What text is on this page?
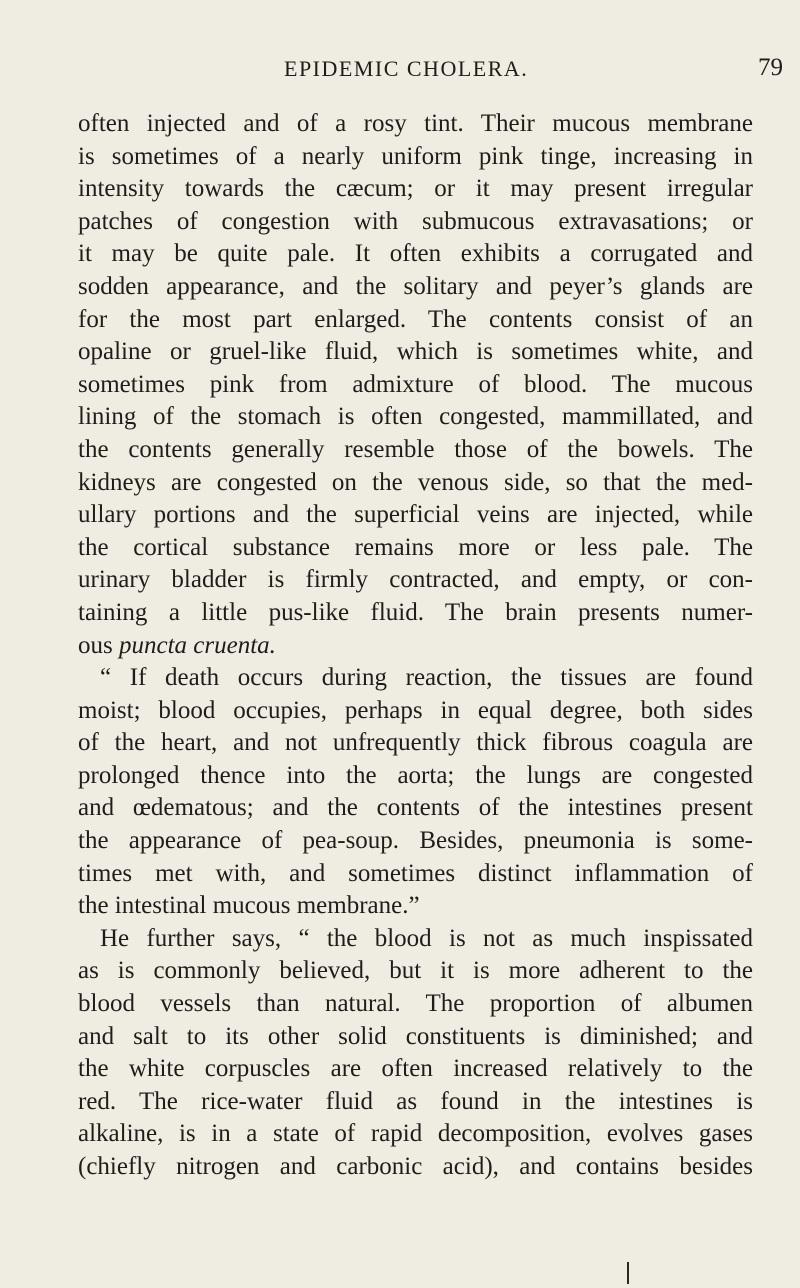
EPIDEMIC CHOLERA.	79
often injected and of a rosy tint. Their mucous membrane
is sometimes of a nearly uniform pink tinge, increasing in
intensity towards the cæcum; or it may present irregular
patches of congestion with submucous extravasations; or
it may be quite pale. It often exhibits a corrugated and
sodden appearance, and the solitary and peyer’s glands are
for the most part enlarged. The contents consist of an
opaline or gruel-like fluid, which is sometimes white, and
sometimes pink from admixture of blood. The mucous
lining of the stomach is often congested, mammillated, and
the contents generally resemble those of the bowels. The
kidneys are congested on the venous side, so that the med-
ullary portions and the superficial veins are injected, while
the cortical substance remains more or less pale. The
urinary bladder is firmly contracted, and empty, or con-
taining a little pus-like fluid. The brain presents numer-
ous puncta cruenta.
“ If death occurs during reaction, the tissues are found
moist; blood occupies, perhaps in equal degree, both sides
of the heart, and not unfrequently thick fibrous coagula are
prolonged thence into the aorta; the lungs are congested
and œdematous; and the contents of the intestines present
the appearance of pea-soup. Besides, pneumonia is some-
times met with, and sometimes distinct inflammation of
the intestinal mucous membrane.”
He further says, “ the blood is not as much inspissated
as is commonly believed, but it is more adherent to the
blood vessels than natural. The proportion of albumen
and salt to its other solid constituents is diminished; and
the white corpuscles are often increased relatively to the
red. The rice-water fluid as found in the intestines is
alkaline, is in a state of rapid decomposition, evolves gases
(chiefly nitrogen and carbonic acid), and contains besides
